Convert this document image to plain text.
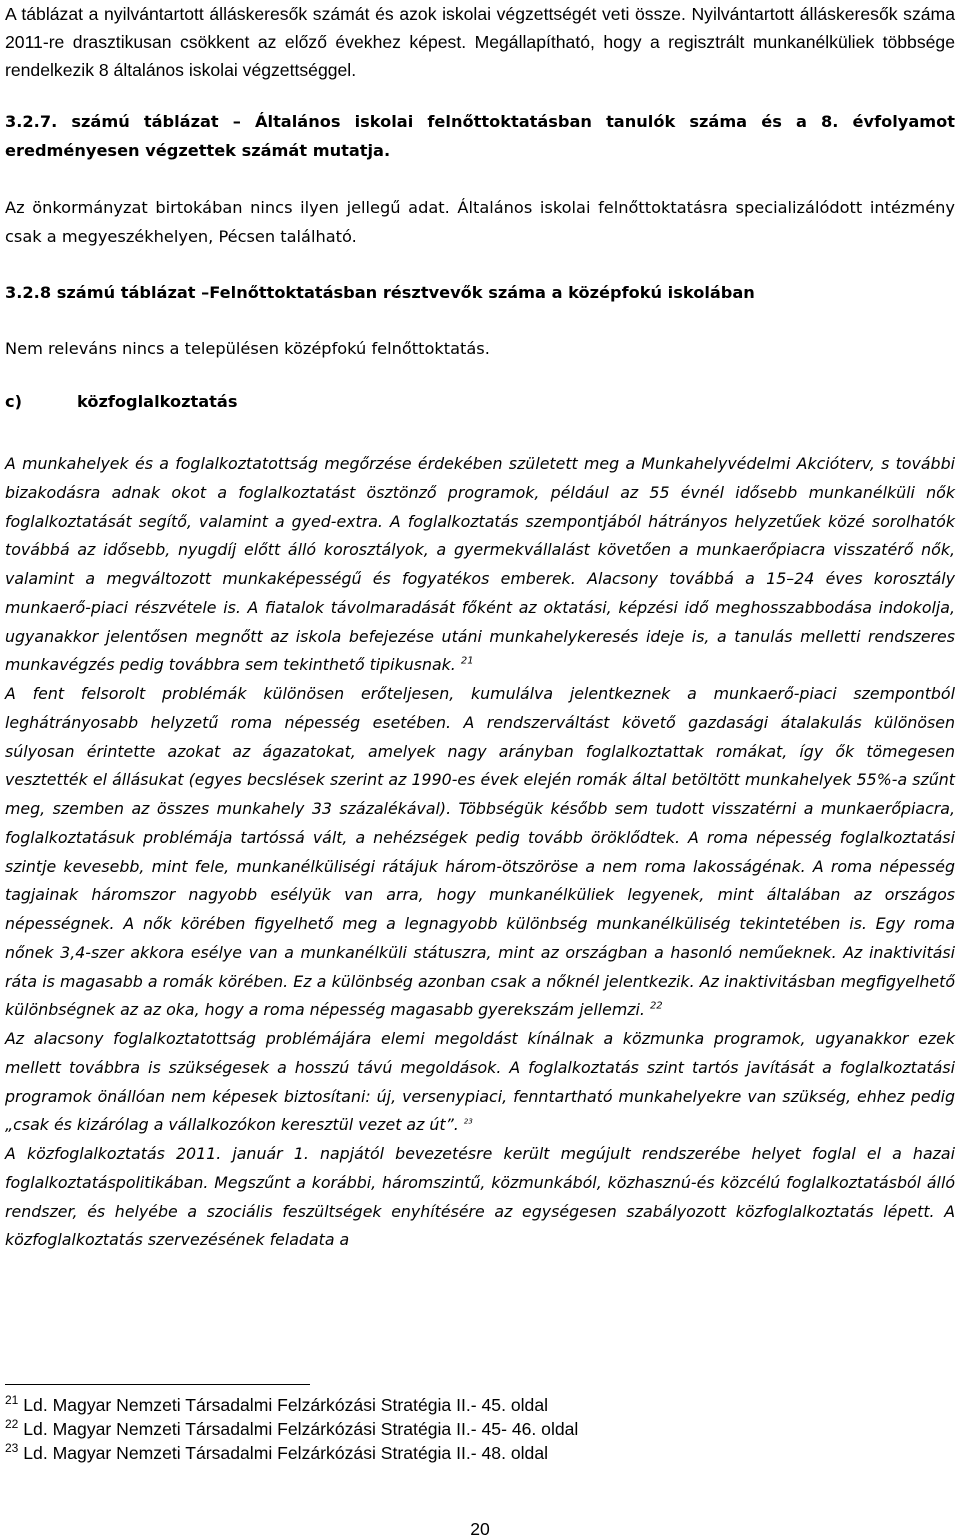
A táblázat a nyilvántartott álláskeresők számát és azok iskolai végzettségét veti össze. Nyilvántartott álláskeresők száma 2011-re drasztikusan csökkent az előző évekhez képest. Megállapítható, hogy a regisztrált munkanélküliek többsége rendelkezik 8 általános iskolai végzettséggel.
3.2.7. számú táblázat – Általános iskolai felnőttoktatásban tanulók száma és a 8. évfolyamot eredményesen végzettek számát mutatja.
Az önkormányzat birtokában nincs ilyen jellegű adat. Általános iskolai felnőttoktatásra specializálódott intézmény csak a megyeszékhelyen, Pécsen található.
3.2.8 számú táblázat –Felnőttoktatásban résztvevők száma a középfokú iskolában
Nem releváns nincs a településen középfokú felnőttoktatás.
c)	közfoglalkoztatás

A munkahelyek és a foglalkoztatottság megőrzése érdekében született meg a Munkahelyvédelmi Akcióterv, s további bizakodásra adnak okot a foglalkoztatást ösztönző programok, például az 55 évnél idősebb munkanélküli nők foglalkoztatását segítő, valamint a gyed-extra. A foglalkoztatás szempontjából hátrányos helyzetűek közé sorolhatók továbbá az idősebb, nyugdíj előtt álló korosztályok, a gyermekvállalást követően a munkaerőpiacra visszatérő nők, valamint a megváltozott munkaképességű és fogyatékos emberek. Alacsony továbbá a 15–24 éves korosztály munkaerő-piaci részvétele is. A fiatalok távolmaradását főként az oktatási, képzési idő meghosszabbodása indokolja, ugyanakkor jelentősen megnőtt az iskola befejezése utáni munkahelykeresés ideje is, a tanulás melletti rendszeres munkavégzés pedig továbbra sem tekinthető tipikusnak. $^{21}$

A fent felsorolt problémák különösen erőteljesen, kumulálva jelentkeznek a munkaerő-piaci szempontból leghátrányosabb helyzetű roma népesség esetében. A rendszerváltást követő gazdasági átalakulás különösen súlyosan érintette azokat az ágazatokat, amelyek nagy arányban foglalkoztattak romákat, így ők tömegesen vesztették el állásukat (egyes becslések szerint az 1990-es évek elején romák által betöltött munkahelyek 55%-a szűnt meg, szemben az összes munkahely 33 százalékával). Többségük később sem tudott visszatérni a munkaerőpiacra, foglalkoztatásuk problémája tartóssá vált, a nehézségek pedig tovább öröklődtek. A roma népesség foglalkoztatási szintje kevesebb, mint fele, munkanélküliségi rátájuk három-ötszöröse a nem roma lakosságénak. A roma népesség tagjainak háromszor nagyobb esélyük van arra, hogy munkanélküliek legyenek, mint általában az országos népességnek. A nők körében figyelhető meg a legnagyobb különbség munkanélküliség tekintetében is. Egy roma nőnek 3,4-szer akkora esélye van a munkanélküli státuszra, mint az országban a hasonló neműeknek. Az inaktivitási ráta is magasabb a romák körében. Ez a különbség azonban csak a nőknél jelentkezik. Az inaktivitásban megfigyelhető különbségnek az az oka, hogy a roma népesség magasabb gyerekszám jellemzi. $^{22}$

Az alacsony foglalkoztatottság problémájára elemi megoldást kínálnak a közmunka programok, ugyanakkor ezek mellett továbbra is szükségesek a hosszú távú megoldások. A foglalkoztatás szint tartós javítását a foglalkoztatási programok önállóan nem képesek biztosítani: új, versenypiaci, fenntartható munkahelyekre van szükség, ehhez pedig „csak és kizárólag a vállalkozókon keresztül vezet az út”. $^{23}$

A közfoglalkoztatás 2011. január 1. napjától bevezetésre került megújult rendszerébe helyet foglal el a hazai foglalkoztatáspolitikában. Megszűnt a korábbi, háromszintű, közmunkából, közhasznú-és közcélú foglalkoztatásból álló rendszer, és helyébe a szociális feszültségek enyhítésére az egységesen szabályozott közfoglalkoztatás lépett. A közfoglalkoztatás szervezésének feladata a

$^{21}$ Ld. Magyar Nemzeti Társadalmi Felzárkózási Stratégia II.- 45. oldal
$^{22}$ Ld. Magyar Nemzeti Társadalmi Felzárkózási Stratégia II.- 45- 46. oldal
$^{23}$ Ld. Magyar Nemzeti Társadalmi Felzárkózási Stratégia II.- 48. oldal
20
